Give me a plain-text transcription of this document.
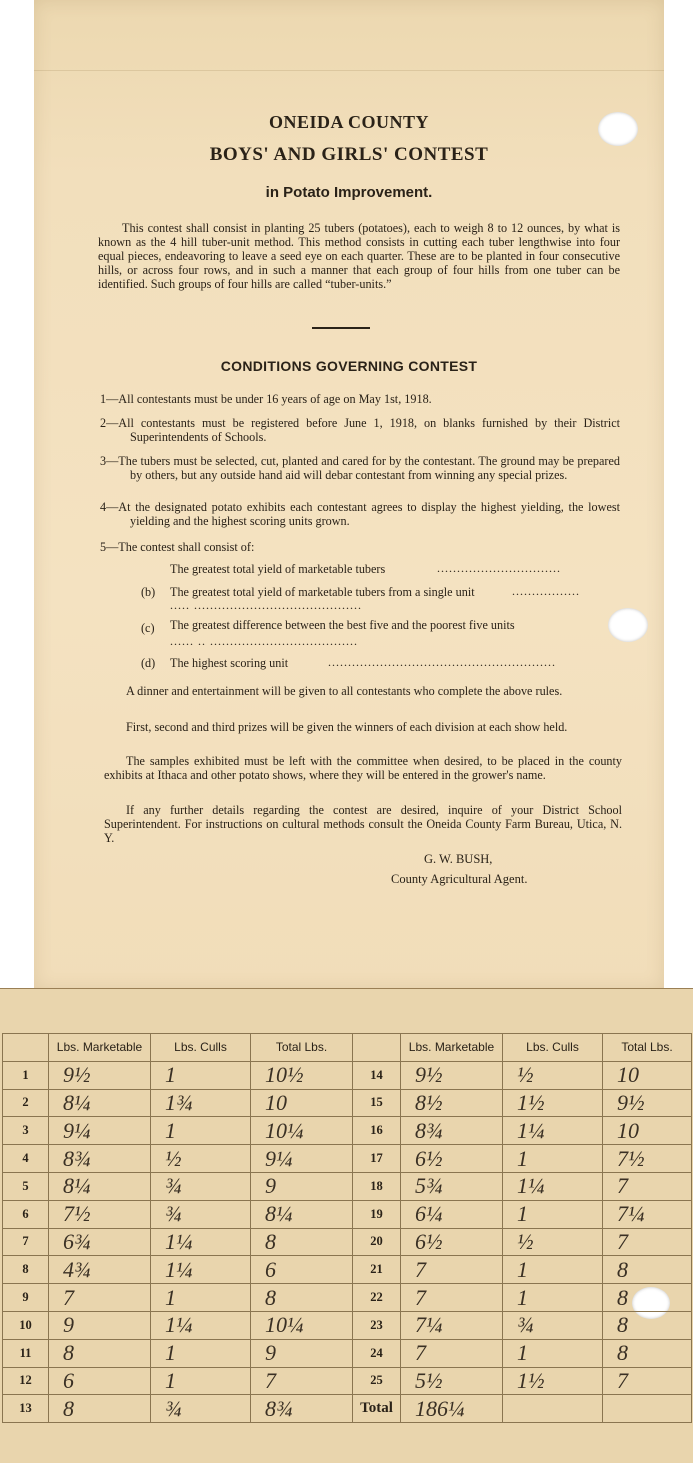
ONEIDA COUNTY
BOYS' AND GIRLS' CONTEST
in Potato Improvement.
This contest shall consist in planting 25 tubers (potatoes), each to weigh 8 to 12 ounces, by what is known as the 4 hill tuber-unit method. This method consists in cutting each tuber lengthwise into four equal pieces, endeavoring to leave a seed eye on each quarter. These are to be planted in four consecutive hills, or across four rows, and in such a manner that each group of four hills from one tuber can be identified. Such groups of four hills are called “tuber-units.”
CONDITIONS GOVERNING CONTEST
1—All contestants must be under 16 years of age on May 1st, 1918.
2—All contestants must be registered before June 1, 1918, on blanks furnished by their District Superintendents of Schools.
3—The tubers must be selected, cut, planted and cared for by the contestant. The ground may be prepared by others, but any outside hand aid will debar contestant from winning any special prizes.
4—At the designated potato exhibits each contestant agrees to display the highest yielding, the lowest yielding and the highest scoring units grown.
5—The contest shall consist of:
The greatest total yield of marketable tubers	...............................
(b) The greatest total yield of marketable tubers from a single unit	.................
..... ..........................................
(c) The greatest difference between the best five and the poorest five units
...... .. .....................................
(d) The highest scoring unit	.........................................................
A dinner and entertainment will be given to all contestants who complete the above rules.
First, second and third prizes will be given the winners of each division at each show held.
The samples exhibited must be left with the committee when desired, to be placed in the county exhibits at Ithaca and other potato shows, where they will be entered in the grower's name.
If any further details regarding the contest are desired, inquire of your District School Superintendent. For instructions on cultural methods consult the Oneida County Farm Bureau, Utica, N. Y.
G. W. BUSH,
County Agricultural Agent.
	Lbs. Marketable	Lbs. Culls	Total Lbs.		Lbs. Marketable	Lbs. Culls	Total Lbs.
1	9½	1	10½	14	9½	½	10
2	8¼	1¾	10	15	8½	1½	9½
3	9¼	1	10¼	16	8¾	1¼	10
4	8¾	½	9¼	17	6½	1	7½
5	8¼	¾	9	18	5¾	1¼	7
6	7½	¾	8¼	19	6¼	1	7¼
7	6¾	1¼	8	20	6½	½	7
8	4¾	1¼	6	21	7	1	8
9	7	1	8	22	7	1	8
10	9	1¼	10¼	23	7¼	¾	8
11	8	1	9	24	7	1	8
12	6	1	7	25	5½	1½	7
13	8	¾	8¾	Total	186¼		
